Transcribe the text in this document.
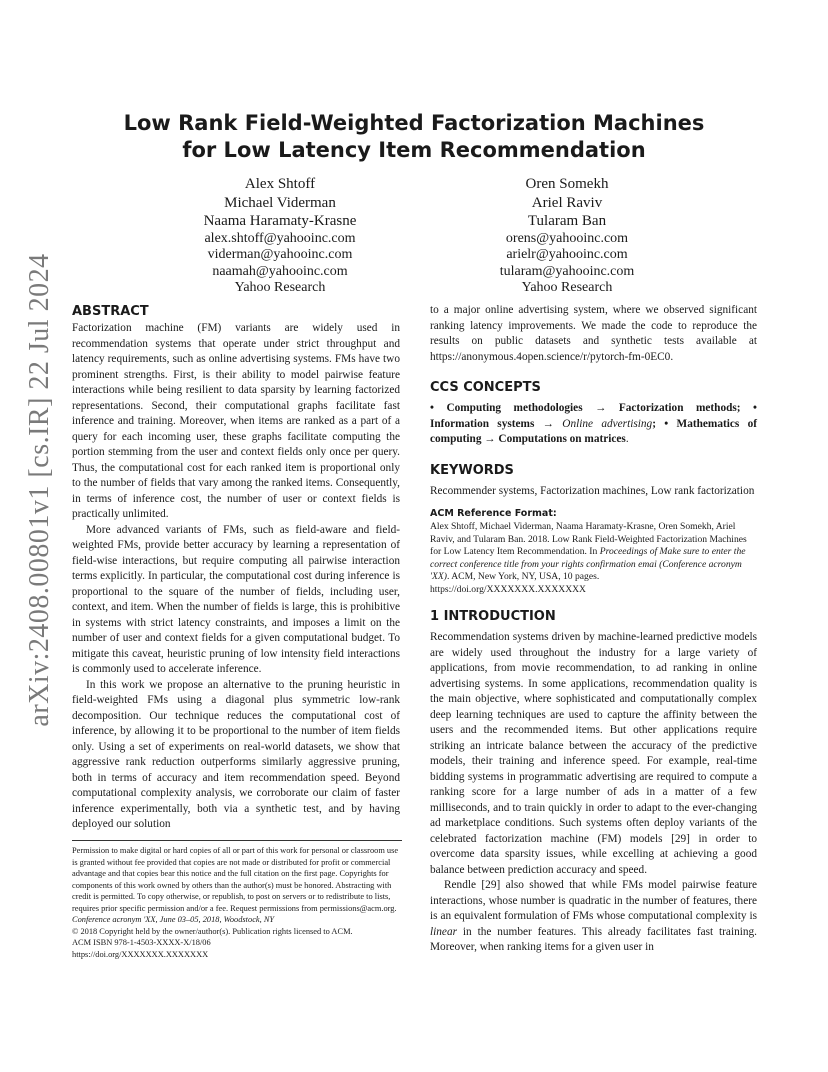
arXiv:2408.00801v1 [cs.IR] 22 Jul 2024
Low Rank Field-Weighted Factorization Machines
for Low Latency Item Recommendation
Alex Shtoff
Michael Viderman
Naama Haramaty-Krasne
alex.shtoff@yahooinc.com
viderman@yahooinc.com
naamah@yahooinc.com
Yahoo Research
Oren Somekh
Ariel Raviv
Tularam Ban
orens@yahooinc.com
arielr@yahooinc.com
tularam@yahooinc.com
Yahoo Research
ABSTRACT

Factorization machine (FM) variants are widely used in recommendation systems that operate under strict throughput and latency requirements, such as online advertising systems. FMs have two prominent strengths. First, is their ability to model pairwise feature interactions while being resilient to data sparsity by learning factorized representations. Second, their computational graphs facilitate fast inference and training. Moreover, when items are ranked as a part of a query for each incoming user, these graphs facilitate computing the portion stemming from the user and context fields only once per query. Thus, the computational cost for each ranked item is proportional only to the number of fields that vary among the ranked items. Consequently, in terms of inference cost, the number of user or context fields is practically unlimited.

More advanced variants of FMs, such as field-aware and field-weighted FMs, provide better accuracy by learning a representation of field-wise interactions, but require computing all pairwise interaction terms explicitly. In particular, the computational cost during inference is proportional to the square of the number of fields, including user, context, and item. When the number of fields is large, this is prohibitive in systems with strict latency constraints, and imposes a limit on the number of user and context fields for a given computational budget. To mitigate this caveat, heuristic pruning of low intensity field interactions is commonly used to accelerate inference.

In this work we propose an alternative to the pruning heuristic in field-weighted FMs using a diagonal plus symmetric low-rank decomposition. Our technique reduces the computational cost of inference, by allowing it to be proportional to the number of item fields only. Using a set of experiments on real-world datasets, we show that aggressive rank reduction outperforms similarly aggressive pruning, both in terms of accuracy and item recommendation speed. Beyond computational complexity analysis, we corroborate our claim of faster inference experimentally, both via a synthetic test, and by having deployed our solution

Permission to make digital or hard copies of all or part of this work for personal or classroom use is granted without fee provided that copies are not made or distributed for profit or commercial advantage and that copies bear this notice and the full citation on the first page. Copyrights for components of this work owned by others than the author(s) must be honored. Abstracting with credit is permitted. To copy otherwise, or republish, to post on servers or to redistribute to lists, requires prior specific permission and/or a fee. Request permissions from permissions@acm.org.

Conference acronym 'XX, June 03–05, 2018, Woodstock, NY

© 2018 Copyright held by the owner/author(s). Publication rights licensed to ACM.

ACM ISBN 978-1-4503-XXXX-X/18/06

https://doi.org/XXXXXXX.XXXXXXX

to a major online advertising system, where we observed significant ranking latency improvements. We made the code to reproduce the results on public datasets and synthetic tests available at https://anonymous.4open.science/r/pytorch-fm-0EC0.

CCS CONCEPTS

• Computing methodologies → Factorization methods; • Information systems → Online advertising; • Mathematics of computing → Computations on matrices.

KEYWORDS

Recommender systems, Factorization machines, Low rank factorization

ACM Reference Format:

Alex Shtoff, Michael Viderman, Naama Haramaty-Krasne, Oren Somekh, Ariel Raviv, and Tularam Ban. 2018. Low Rank Field-Weighted Factorization Machines for Low Latency Item Recommendation. In Proceedings of Make sure to enter the correct conference title from your rights confirmation emai (Conference acronym 'XX). ACM, New York, NY, USA, 10 pages. https://doi.org/XXXXXXX.XXXXXXX

1 INTRODUCTION

Recommendation systems driven by machine-learned predictive models are widely used throughout the industry for a large variety of applications, from movie recommendation, to ad ranking in online advertising systems. In some applications, recommendation quality is the main objective, where sophisticated and computationally complex deep learning techniques are used to capture the affinity between the users and the recommended items. But other applications require striking an intricate balance between the accuracy of the predictive models, their training and inference speed. For example, real-time bidding systems in programmatic advertising are required to compute a ranking score for a large number of ads in a matter of a few milliseconds, and to train quickly in order to adapt to the ever-changing ad marketplace conditions. Such systems often deploy variants of the celebrated factorization machine (FM) models [29] in order to overcome data sparsity issues, while excelling at achieving a good balance between prediction accuracy and speed.

Rendle [29] also showed that while FMs model pairwise feature interactions, whose number is quadratic in the number of features, there is an equivalent formulation of FMs whose computational complexity is linear in the number features. This already facilitates fast training. Moreover, when ranking items for a given user in
